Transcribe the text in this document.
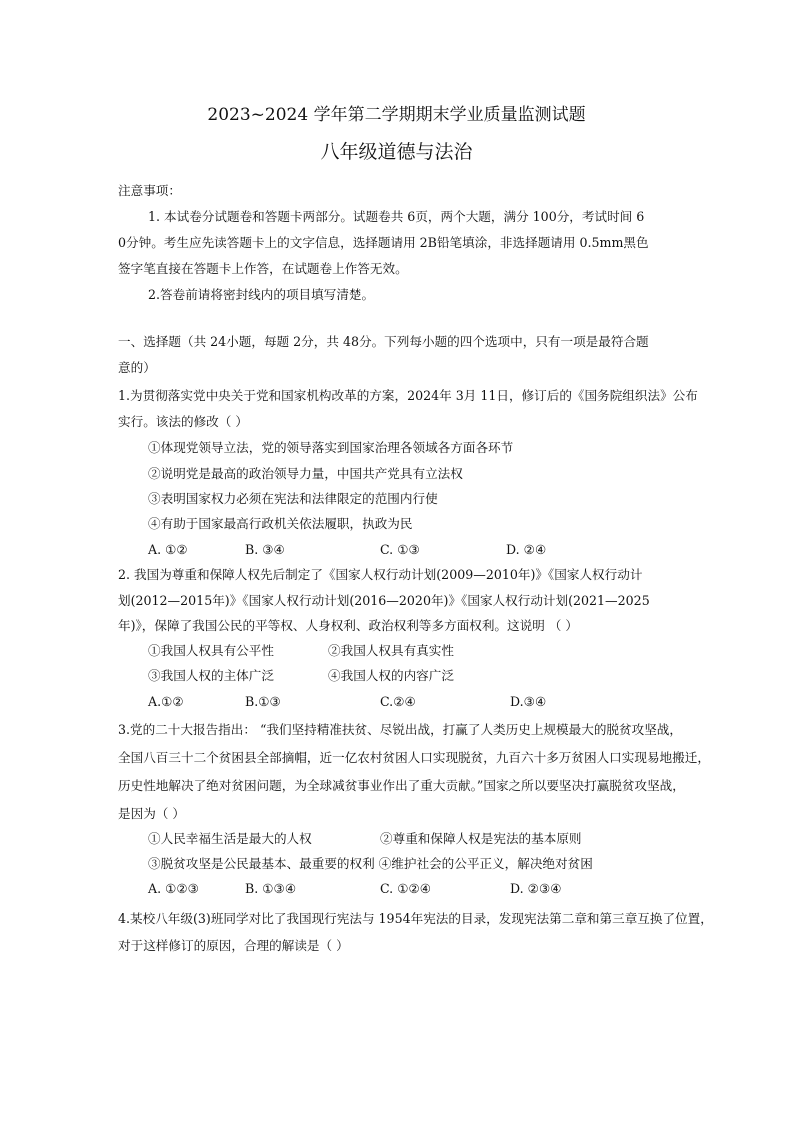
2023~2024 学年第二学期期末学业质量监测试题
八年级道德与法治
注意事项：
1. 本试卷分试题卷和答题卡两部分。试题卷共 6页，两个大题，满分 100分，考试时间 6
0分钟。考生应先读答题卡上的文字信息，选择题请用 2B铅笔填涂，非选择题请用 0.5mm黑色
签字笔直接在答题卡上作答，在试题卷上作答无效。
2.答卷前请将密封线内的项目填写清楚。
一、选择题（共 24小题，每题 2分，共 48分。下列每小题的四个选项中，只有一项是最符合题
意的）
1.为贯彻落实党中央关于党和国家机构改革的方案，2024年 3月 11日，修订后的《国务院组织法》公布
实行。该法的修改（ ）
①体现党领导立法，党的领导落实到国家治理各领域各方面各环节
②说明党是最高的政治领导力量，中国共产党具有立法权
③表明国家权力必须在宪法和法律限定的范围内行使
④有助于国家最高行政机关依法履职，执政为民
A. ①②	B. ③④	C. ①③	D. ②④
2. 我国为尊重和保障人权先后制定了《国家人权行动计划(2009—2010年)》《国家人权行动计
划(2012—2015年)》《国家人权行动计划(2016—2020年)》《国家人权行动计划(2021—2025
年)》，保障了我国公民的平等权、人身权利、政治权利等多方面权利。这说明 （ ）
①我国人权具有公平性	②我国人权具有真实性
③我国人权的主体广泛	④我国人权的内容广泛
A.①②	B.①③	C.②④	D.③④
3.党的二十大报告指出： “我们坚持精准扶贫、尽锐出战，打赢了人类历史上规模最大的脱贫攻坚战，
全国八百三十二个贫困县全部摘帽，近一亿农村贫困人口实现脱贫，九百六十多万贫困人口实现易地搬迁，
历史性地解决了绝对贫困问题，为全球减贫事业作出了重大贡献。”国家之所以要坚决打赢脱贫攻坚战，
是因为（ ）
①人民幸福生活是最大的人权	②尊重和保障人权是宪法的基本原则
③脱贫攻坚是公民最基本、最重要的权利 ④维护社会的公平正义，解决绝对贫困
A. ①②③	B. ①③④	C. ①②④	D. ②③④
4.某校八年级(3)班同学对比了我国现行宪法与 1954年宪法的目录，发现宪法第二章和第三章互换了位置，
对于这样修订的原因，合理的解读是（ ）
